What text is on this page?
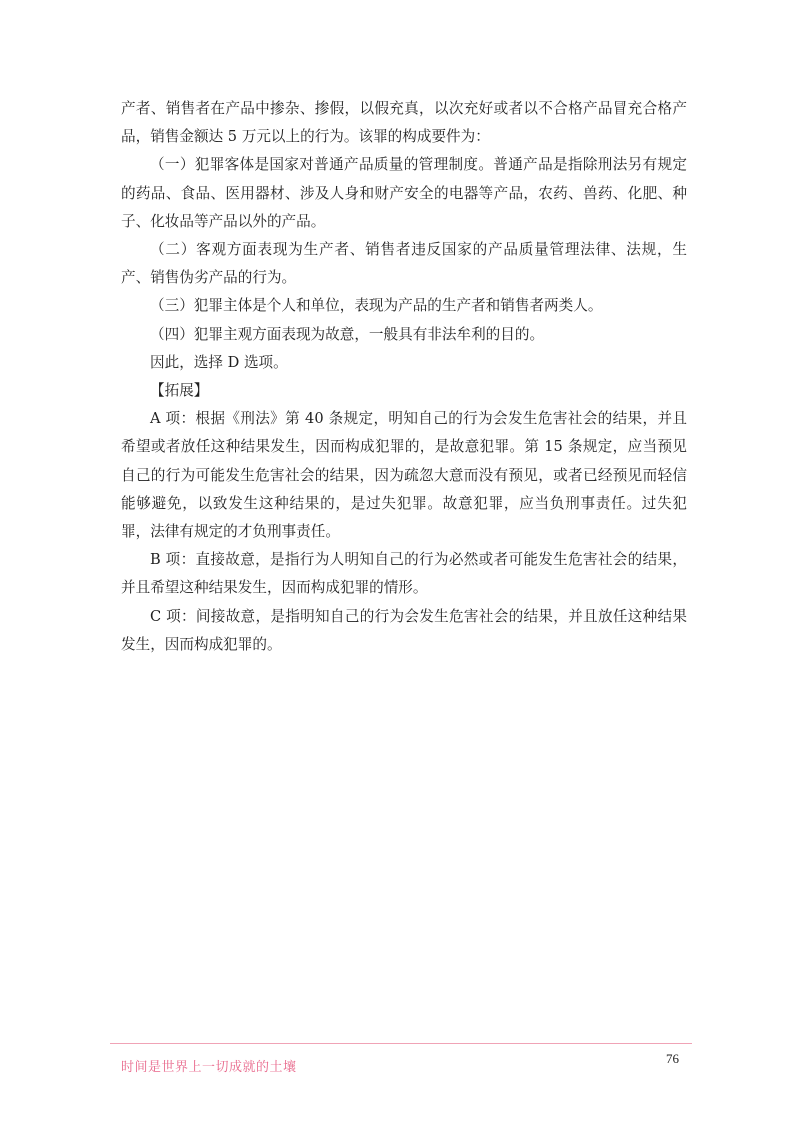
产者、销售者在产品中掺杂、掺假，以假充真，以次充好或者以不合格产品冒充合格产品，销售金额达 5 万元以上的行为。该罪的构成要件为：

（一）犯罪客体是国家对普通产品质量的管理制度。普通产品是指除刑法另有规定的药品、食品、医用器材、涉及人身和财产安全的电器等产品，农药、兽药、化肥、种子、化妆品等产品以外的产品。

（二）客观方面表现为生产者、销售者违反国家的产品质量管理法律、法规，生产、销售伪劣产品的行为。

（三）犯罪主体是个人和单位，表现为产品的生产者和销售者两类人。

（四）犯罪主观方面表现为故意，一般具有非法牟利的目的。

因此，选择 D 选项。

【拓展】

A 项：根据《刑法》第 40 条规定，明知自己的行为会发生危害社会的结果，并且希望或者放任这种结果发生，因而构成犯罪的，是故意犯罪。第 15 条规定，应当预见自己的行为可能发生危害社会的结果，因为疏忽大意而没有预见，或者已经预见而轻信能够避免，以致发生这种结果的，是过失犯罪。故意犯罪，应当负刑事责任。过失犯罪，法律有规定的才负刑事责任。

B 项：直接故意，是指行为人明知自己的行为必然或者可能发生危害社会的结果，并且希望这种结果发生，因而构成犯罪的情形。

C 项：间接故意，是指明知自己的行为会发生危害社会的结果，并且放任这种结果发生，因而构成犯罪的。

时间是世界上一切成就的土壤
76
